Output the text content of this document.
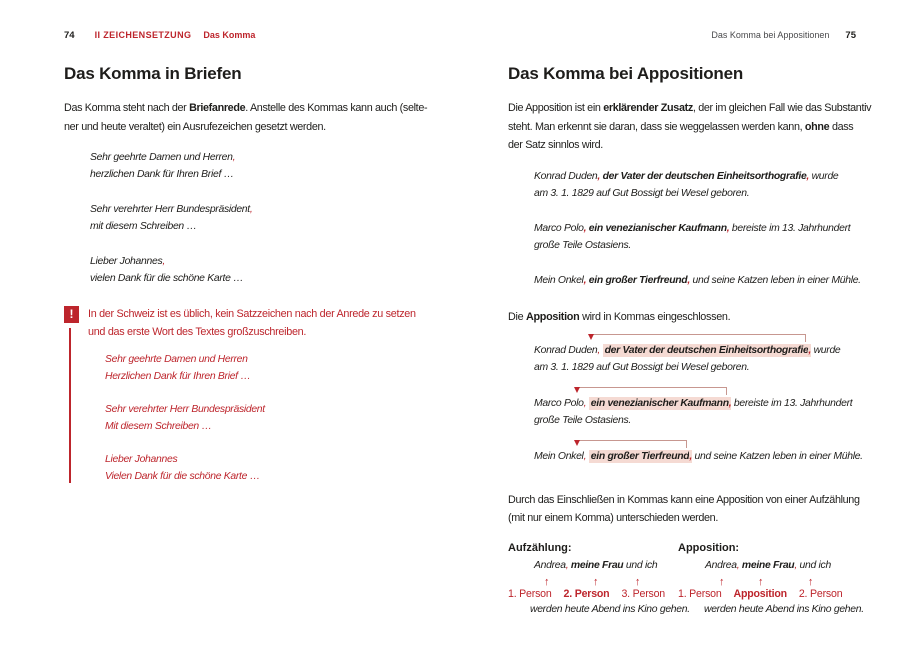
74 II ZEICHENSETZUNG Das Komma
Das Komma in Briefen
Das Komma steht nach der Briefanrede. Anstelle des Kommas kann auch (selte-
ner und heute veraltet) ein Ausrufezeichen gesetzt werden.
Sehr geehrte Damen und Herren,
herzlichen Dank für Ihren Brief …
Sehr verehrter Herr Bundespräsident,
mit diesem Schreiben …
Lieber Johannes,
vielen Dank für die schöne Karte …
!	In der Schweiz ist es üblich, kein Satzzeichen nach der Anrede zu setzen
und das erste Wort des Textes großzuschreiben.
Sehr geehrte Damen und Herren
Herzlichen Dank für Ihren Brief …
Sehr verehrter Herr Bundespräsident
Mit diesem Schreiben …
Lieber Johannes
Vielen Dank für die schöne Karte …
Das Komma bei Appositionen 75
Das Komma bei Appositionen
Die Apposition ist ein erklärender Zusatz, der im gleichen Fall wie das Substantiv
steht. Man erkennt sie daran, dass sie weggelassen werden kann, ohne dass
der Satz sinnlos wird.
Konrad Duden, der Vater der deutschen Einheitsorthografie, wurde
am 3. 1. 1829 auf Gut Bossigt bei Wesel geboren.
Marco Polo, ein venezianischer Kaufmann, bereiste im 13. Jahrhundert
große Teile Ostasiens.
Mein Onkel, ein großer Tierfreund, und seine Katzen leben in einer Mühle.
Die Apposition wird in Kommas eingeschlossen.
Konrad Duden, der Vater der deutschen Einheitsorthografie, wurde
am 3. 1. 1829 auf Gut Bossigt bei Wesel geboren.
Marco Polo, ein venezianischer Kaufmann, bereiste im 13. Jahrhundert
große Teile Ostasiens.
Mein Onkel, ein großer Tierfreund, und seine Katzen leben in einer Mühle.
Durch das Einschließen in Kommas kann eine Apposition von einer Aufzählung
(mit nur einem Komma) unterschieden werden.
Aufzählung:
Andrea, meine Frau und ich
↑	↑	↑
1. Person 2. Person 3. Person
werden heute Abend ins Kino gehen.
Apposition:
Andrea, meine Frau, und ich
↑	↑	↑
1. Person Apposition 2. Person
werden heute Abend ins Kino gehen.
